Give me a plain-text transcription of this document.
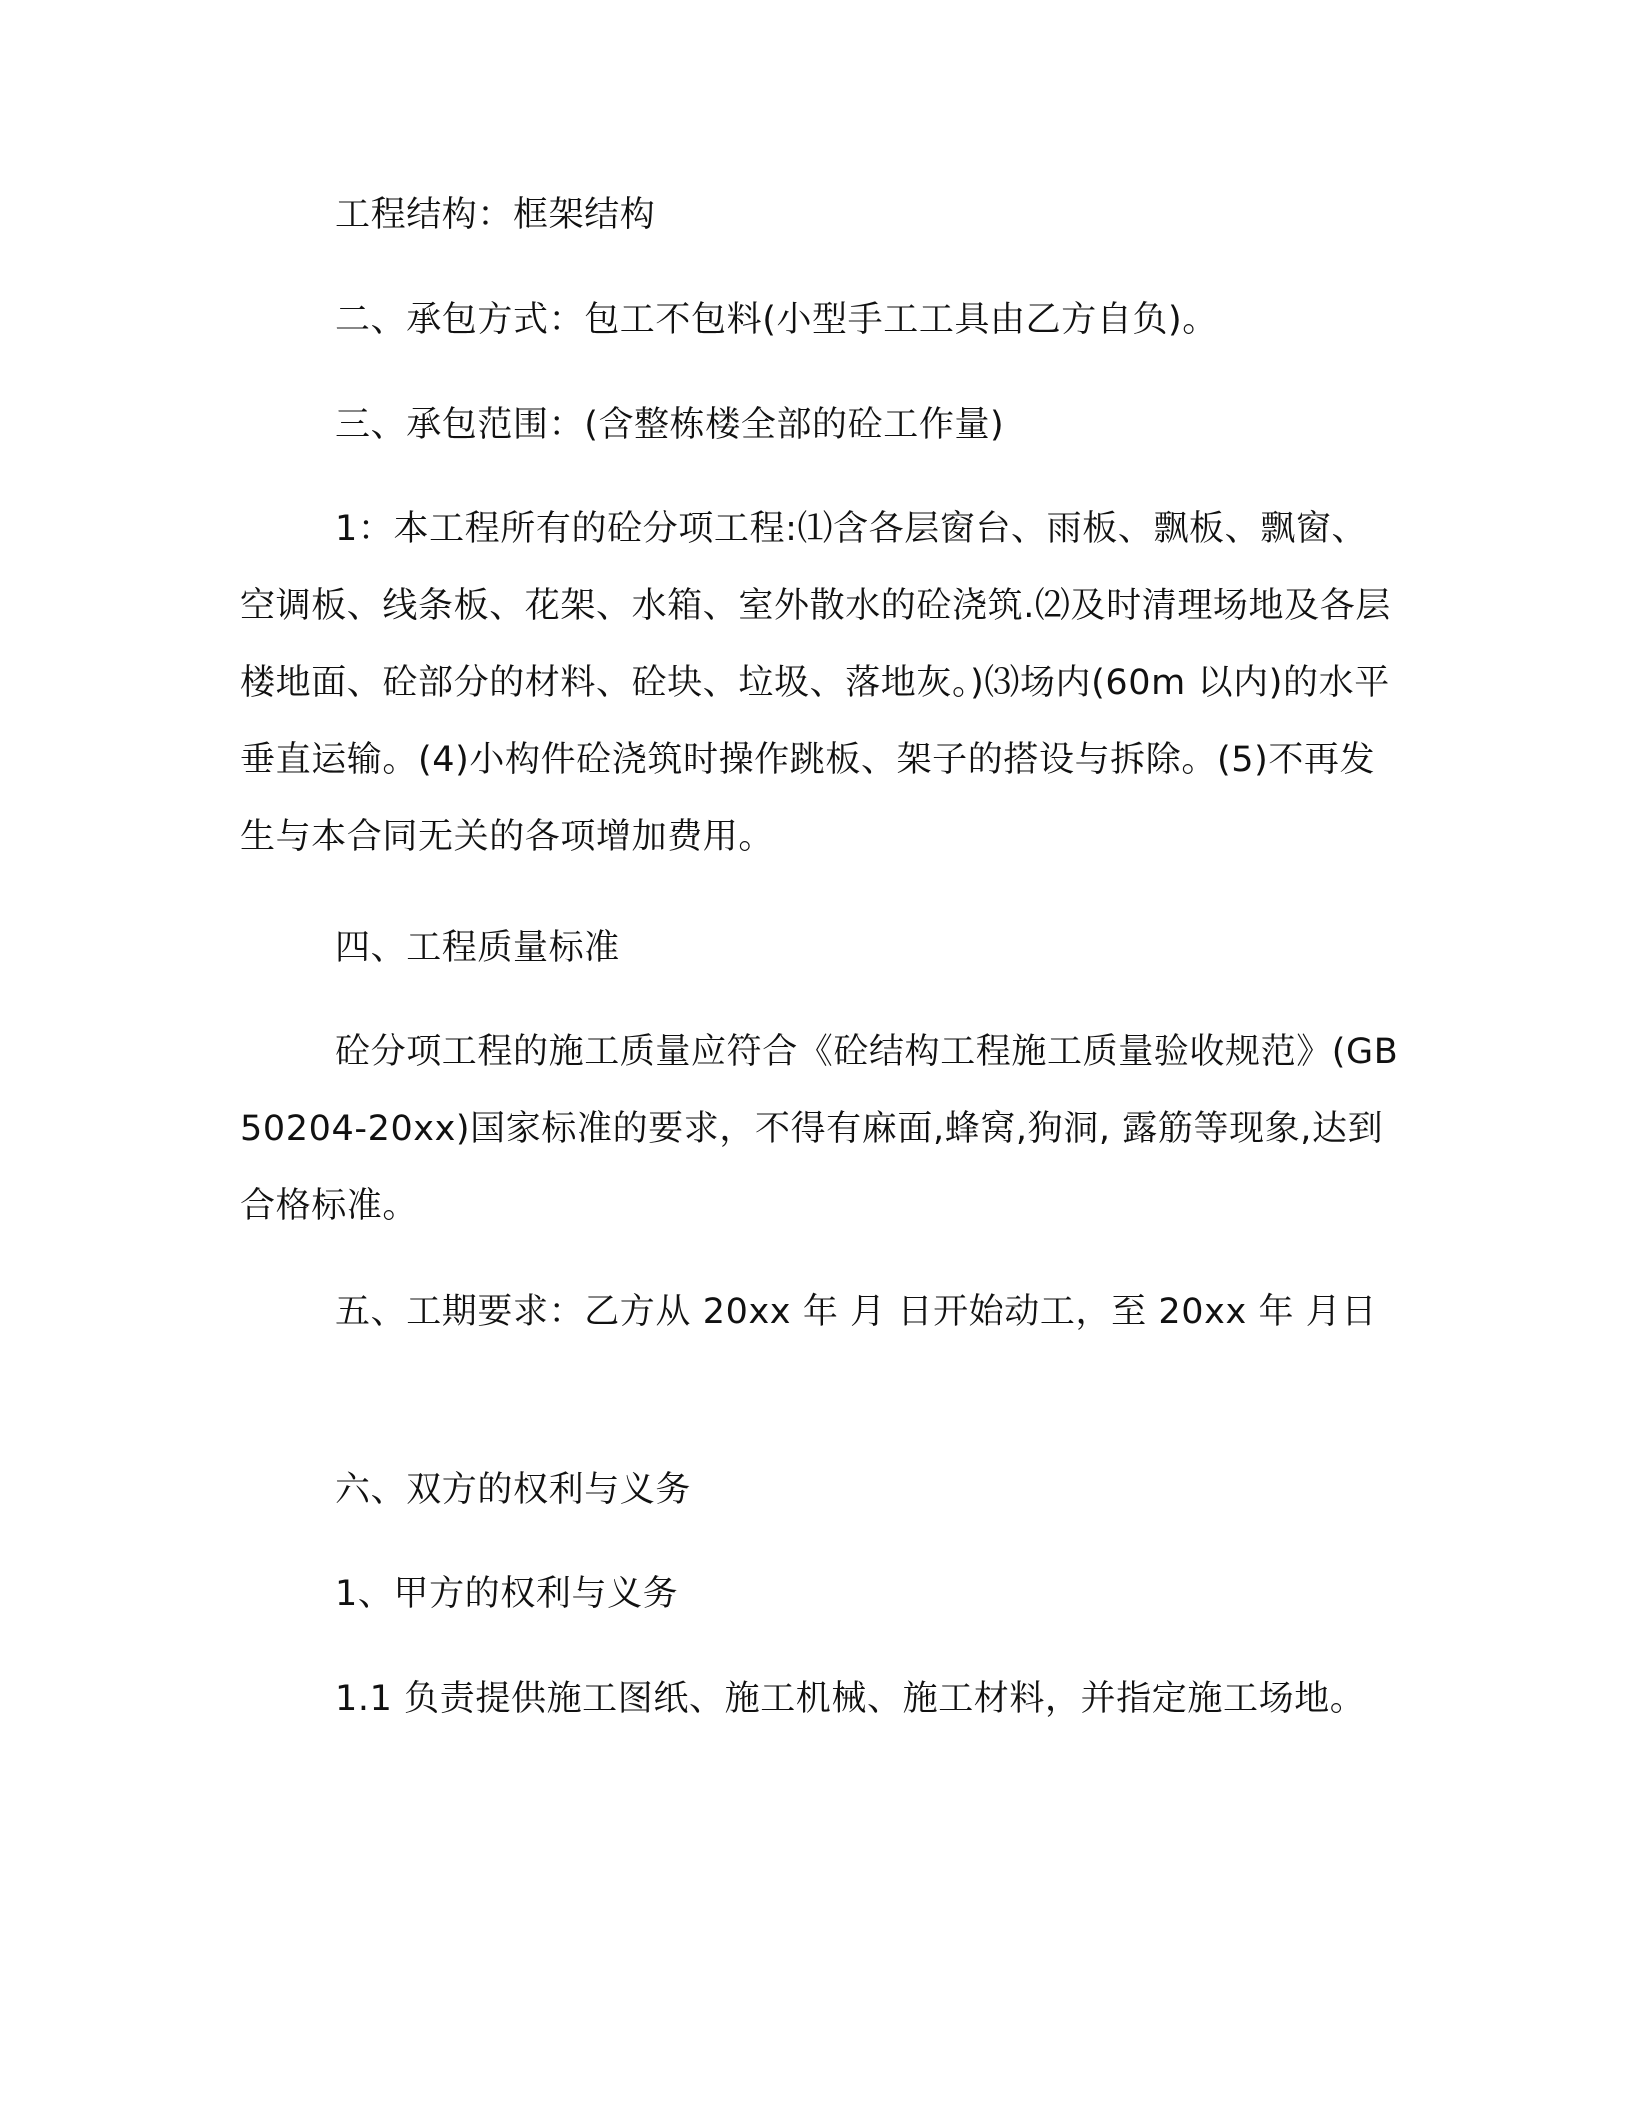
工程结构：框架结构

二、承包方式：包工不包料(小型手工工具由乙方自负)。

三、承包范围：(含整栋楼全部的砼工作量)

1：本工程所有的砼分项工程:⑴含各层窗台、雨板、飘板、飘窗、空调板、线条板、花架、水箱、室外散水的砼浇筑.⑵及时清理场地及各层楼地面、砼部分的材料、砼块、垃圾、落地灰。)⑶场内(60m 以内)的水平垂直运输。(4)小构件砼浇筑时操作跳板、架子的搭设与拆除。(5)不再发生与本合同无关的各项增加费用。

四、工程质量标准

砼分项工程的施工质量应符合《砼结构工程施工质量验收规范》(GB50204-20xx)国家标准的要求，不得有麻面,蜂窝,狗洞, 露筋等现象,达到合格标准。

五、工期要求：乙方从 20xx 年 月 日开始动工，至 20xx 年 月日

六、双方的权利与义务

1、甲方的权利与义务

1.1 负责提供施工图纸、施工机械、施工材料，并指定施工场地。
